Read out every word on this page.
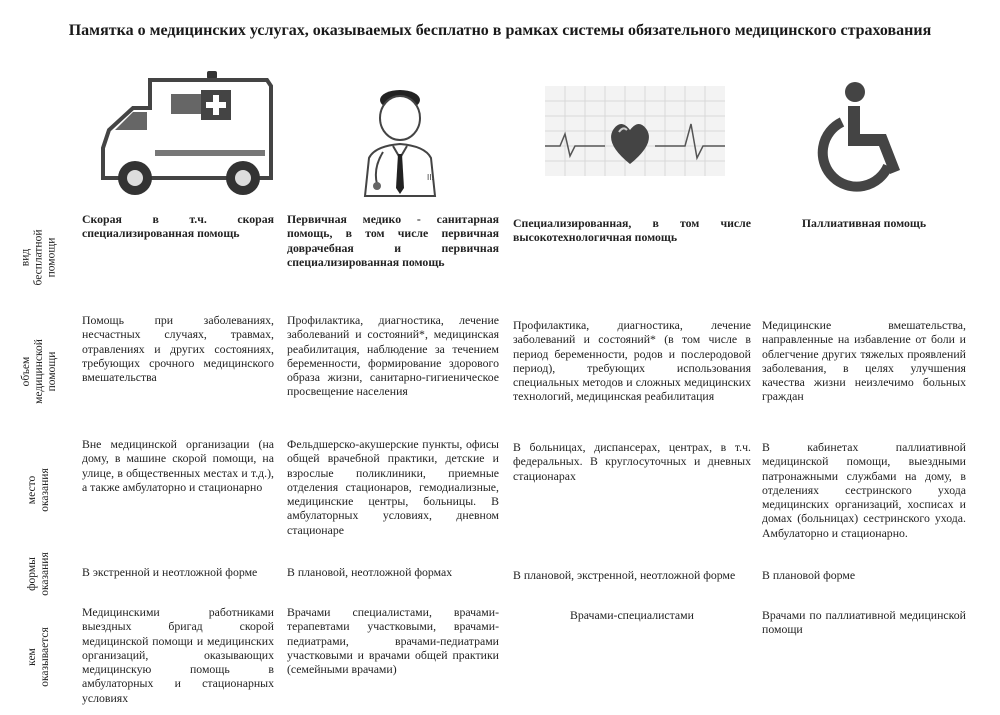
Памятка о медицинских услугах, оказываемых бесплатно в рамках системы обязательного медицинского страхования
II.
вид бесплатной помощи
объем медицинской помощи
место оказания
формы оказания
кем оказывается
Скорая в т.ч. скорая специализированная помощь
Помощь при заболеваниях, несчастных случаях, травмах, отравлениях и других состояниях, требующих срочного медицинского вмешательства
Вне медицинской организации (на дому, в машине скорой помощи, на улице, в общественных местах и т.д.), а также амбулаторно и стационарно
В экстренной и неотложной форме
Медицинскими работниками выездных бригад скорой медицинской помощи и медицинских организаций, оказывающих медицинскую помощь в амбулаторных и стационарных условиях
Первичная медико - санитарная помощь, в том числе первичная доврачебная и первичная специализированная помощь
Профилактика, диагностика, лечение заболеваний и состояний*, медицинская реабилитация, наблюдение за течением беременности, формирование здорового образа жизни, санитарно-гигиеническое просвещение населения
Фельдшерско-акушерские пункты, офисы общей врачебной практики, детские и взрослые поликлиники, приемные отделения стационаров, гемодиализные, медицинские центры, больницы. В амбулаторных условиях, дневном стационаре
В плановой, неотложной формах
Врачами специалистами, врачами-терапевтами участковыми, врачами-педиатрами, врачами-педиатрами участковыми и врачами общей практики (семейными врачами)
Специализированная, в том числе высокотехнологичная помощь
Профилактика, диагностика, лечение заболеваний и состояний* (в том числе в период беременности, родов и послеродовой период), требующих использования специальных методов и сложных медицинских технологий, медицинская реабилитация
В больницах, диспансерах, центрах, в т.ч. федеральных. В круглосуточных и дневных стационарах
В плановой, экстренной, неотложной форме
Врачами-специалистами
Паллиативная помощь
Медицинские вмешательства, направленные на избавление от боли и облегчение других тяжелых проявлений заболевания, в целях улучшения качества жизни неизлечимо больных граждан
В кабинетах паллиативной медицинской помощи, выездными патронажными службами на дому, в отделениях сестринского ухода медицинских организаций, хосписах и домах (больницах) сестринского ухода. Амбулаторно и стационарно.
В плановой форме
Врачами по паллиативной медицинской помощи
